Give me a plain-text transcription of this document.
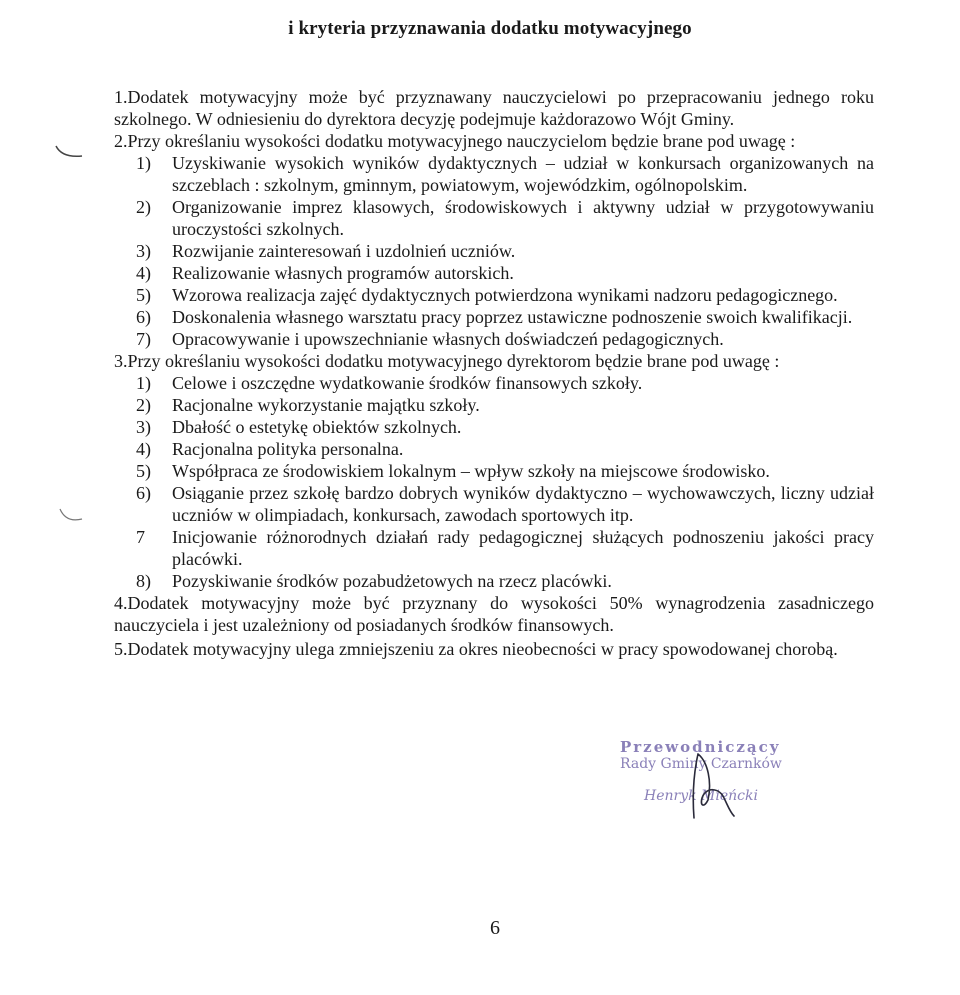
i kryteria przyznawania dodatku motywacyjnego

1.Dodatek motywacyjny może być przyznawany nauczycielowi po przepracowaniu jednego roku szkolnego. W odniesieniu do dyrektora decyzję podejmuje każdorazowo Wójt Gminy.

2.Przy określaniu wysokości dodatku motywacyjnego nauczycielom będzie brane pod uwagę :

1) Uzyskiwanie wysokich wyników dydaktycznych – udział w konkursach organizowanych na szczeblach : szkolnym, gminnym, powiatowym, wojewódzkim, ogólnopolskim.
2) Organizowanie imprez klasowych, środowiskowych i aktywny udział w przygotowywaniu uroczystości szkolnych.
3) Rozwijanie zainteresowań i uzdolnień uczniów.
4) Realizowanie własnych programów autorskich.
5) Wzorowa realizacja zajęć dydaktycznych potwierdzona wynikami nadzoru pedagogicznego.
6) Doskonalenia własnego warsztatu pracy poprzez ustawiczne podnoszenie swoich kwalifikacji.
7) Opracowywanie i upowszechnianie własnych doświadczeń pedagogicznych.

3.Przy określaniu wysokości dodatku motywacyjnego dyrektorom będzie brane pod uwagę :

1) Celowe i oszczędne wydatkowanie środków finansowych szkoły.
2) Racjonalne wykorzystanie majątku szkoły.
3) Dbałość o estetykę obiektów szkolnych.
4) Racjonalna polityka personalna.
5) Współpraca ze środowiskiem lokalnym – wpływ szkoły na miejscowe środowisko.
6) Osiąganie przez szkołę bardzo dobrych wyników dydaktyczno – wychowawczych, liczny udział uczniów w olimpiadach, konkursach, zawodach sportowych itp.
7 Inicjowanie różnorodnych działań rady pedagogicznej służących podnoszeniu jakości pracy placówki.
8) Pozyskiwanie środków pozabudżetowych na rzecz placówki.

4.Dodatek motywacyjny może być przyznany do wysokości 50% wynagrodzenia zasadniczego nauczyciela i jest uzależniony od posiadanych środków finansowych.

5.Dodatek motywacyjny ulega zmniejszeniu za okres nieobecności w pracy spowodowanej chorobą.

Przewodniczący
Rady Gminy Czarnków
Henryk Mieńcki
6
